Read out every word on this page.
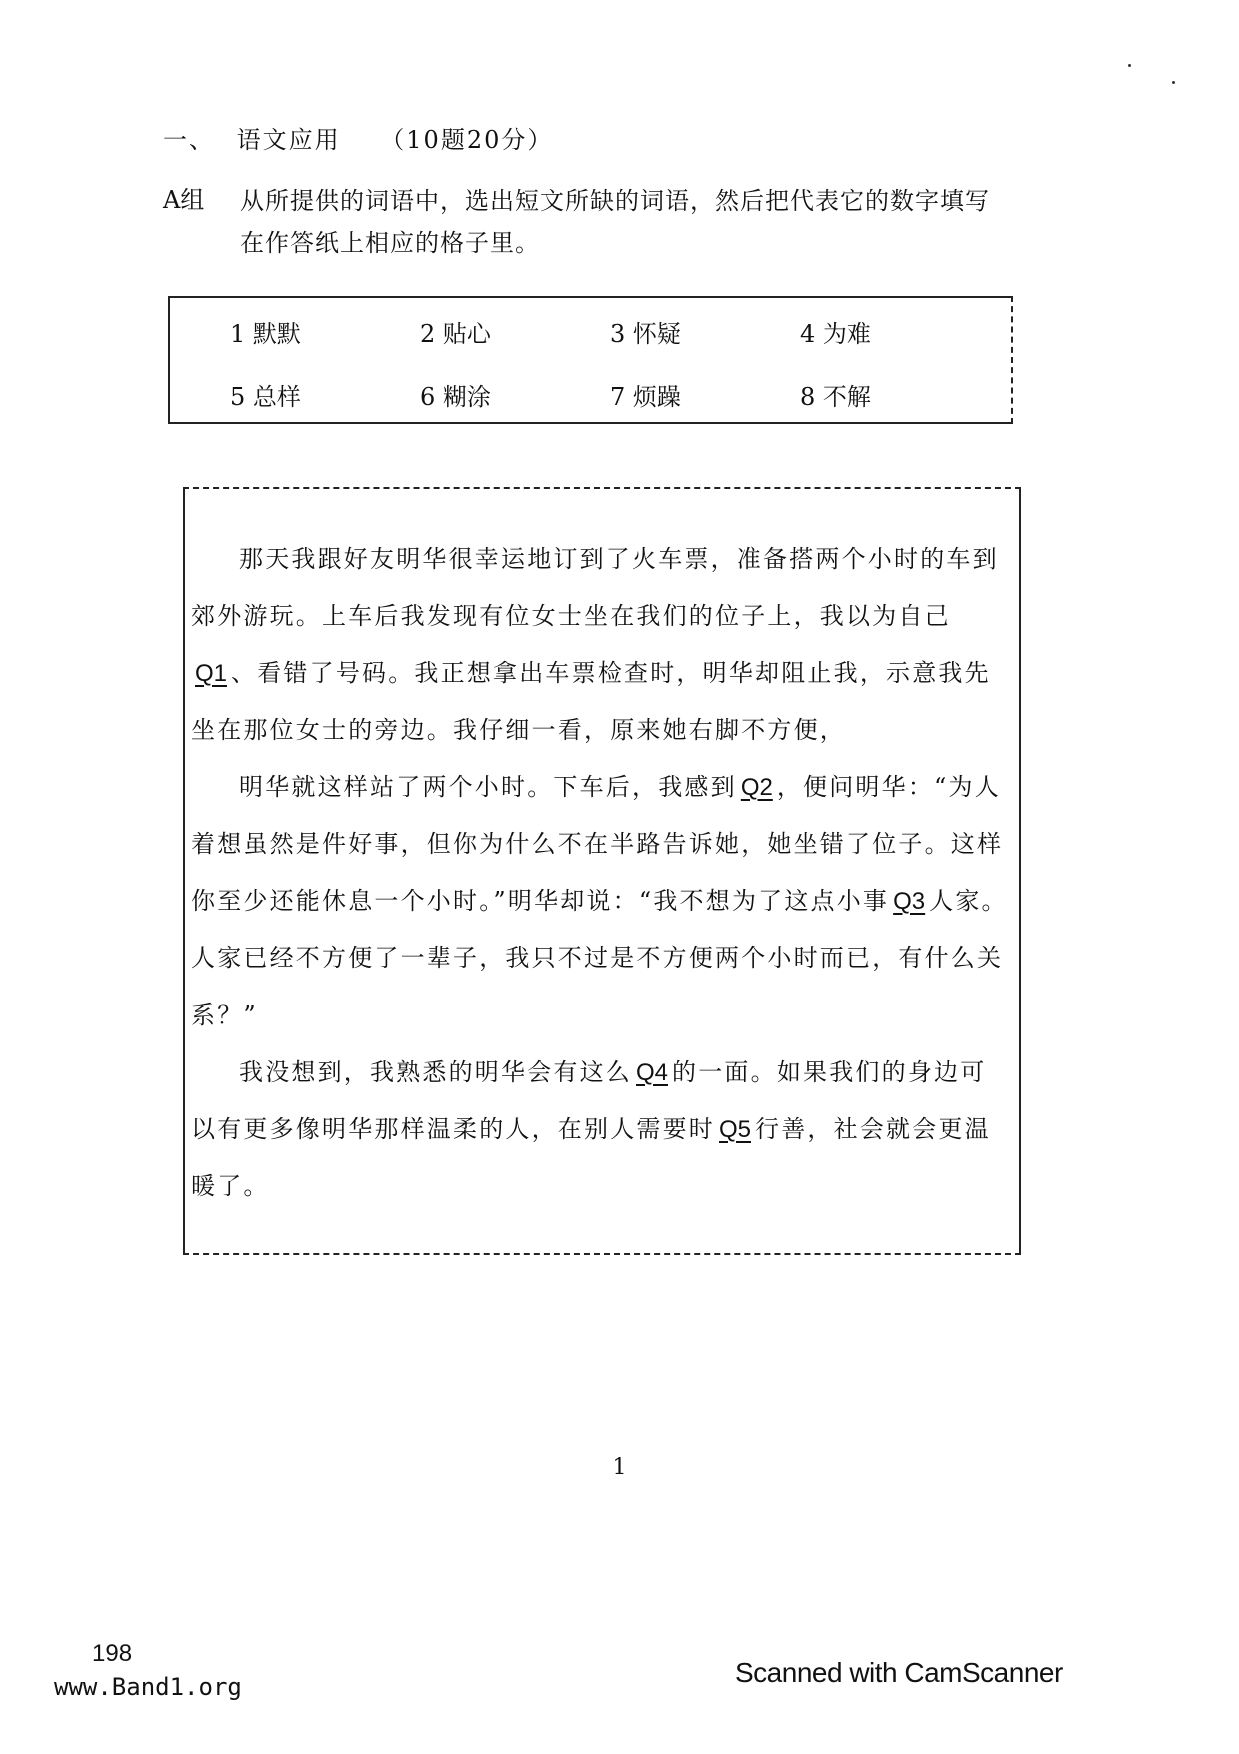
一、 语文应用 （10题20分）
A组 从所提供的词语中，选出短文所缺的词语，然后把代表它的数字填写在作答纸上相应的格子里。
1 默默	2 贴心	3 怀疑	4 为难
5 总样	6 糊涂	7 烦躁	8 不解

那天我跟好友明华很幸运地订到了火车票，准备搭两个小时的车到郊外游玩。上车后我发现有位女士坐在我们的位子上，我以为自己Q1 、看错了号码。我正想拿出车票检查时，明华却阻止我，示意我先坐在那位女士的旁边。我仔细一看，原来她右脚不方便，

明华就这样站了两个小时。下车后，我感到 Q2 ，便问明华：“为人着想虽然是件好事，但你为什么不在半路告诉她，她坐错了位子。这样你至少还能休息一个小时。”明华却说：“我不想为了这点小事 Q3 人家。人家已经不方便了一辈子，我只不过是不方便两个小时而已，有什么关系？”

我没想到，我熟悉的明华会有这么 Q4 的一面。如果我们的身边可以有更多像明华那样温柔的人，在别人需要时 Q5 行善，社会就会更温暖了。

1
198
www.Band1.org	Scanned with CamScanner
